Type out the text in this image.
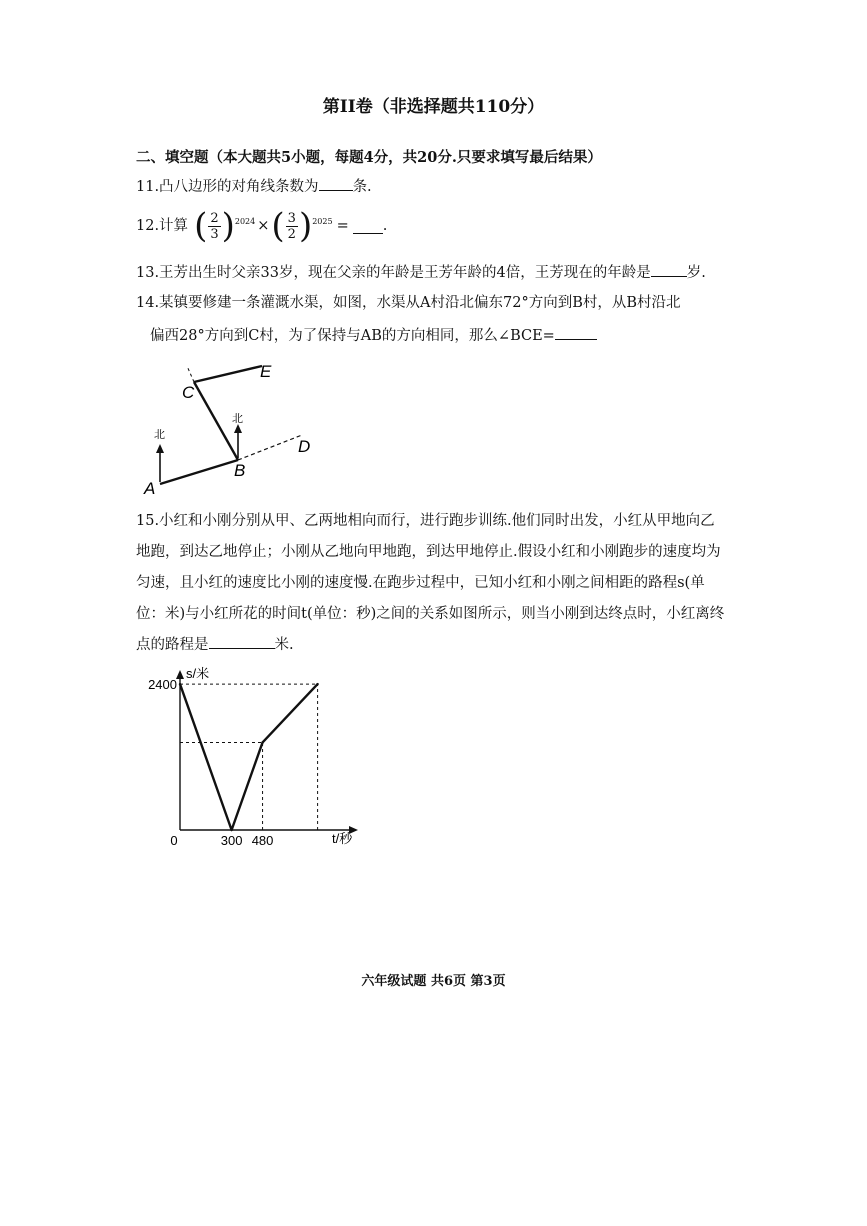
第II卷（非选择题共110分）
二、填空题（本大题共5小题，每题4分，共20分.只要求填写最后结果）
11.凸八边形的对角线条数为 条.
12.计算 ( 2
3 ) 2024 × ( 3
2 ) 2025 = .
13.王芳出生时父亲33岁，现在父亲的年龄是王芳年龄的4倍，王芳现在的年龄是 岁.
14.某镇要修建一条灌溉水渠，如图，水渠从A村沿北偏东72°方向到B村，从B村沿北
偏西28°方向到C村，为了保持与AB的方向相同，那么∠BCE=
北
北
A
B
C
D
E
15.小红和小刚分别从甲、乙两地相向而行，进行跑步训练.他们同时出发，小红从甲地向乙地跑，到达乙地停止；小刚从乙地向甲地跑，到达甲地停止.假设小红和小刚跑步的速度均为匀速，且小红的速度比小刚的速度慢.在跑步过程中，已知小红和小刚之间相距的路程s(单位：米)与小红所花的时间t(单位：秒)之间的关系如图所示，则当小刚到达终点时，小红离终点的路程是	米.
0	300 480
2400
s/米
t/秒
六年级试题 共6页 第3页
